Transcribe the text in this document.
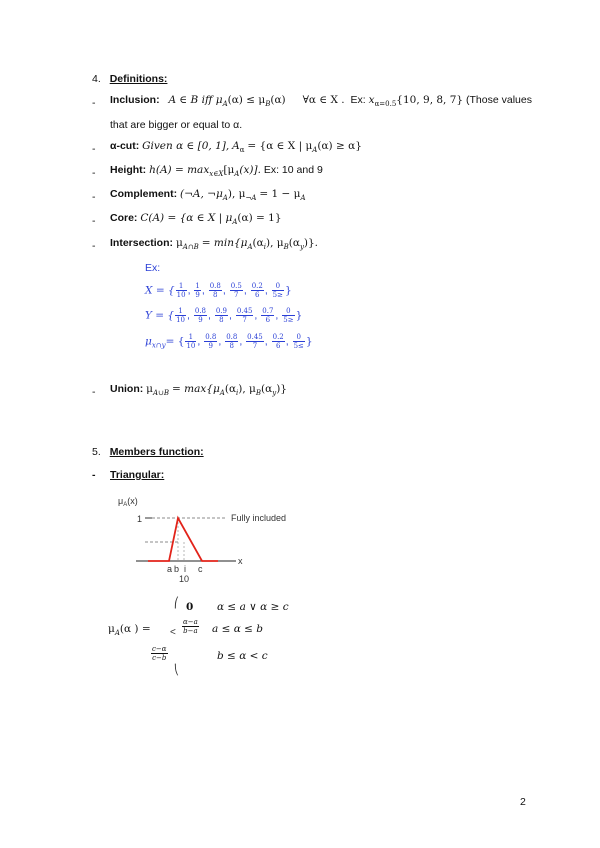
4. Definitions:
- Inclusion: A ∈ B iff $\mu_A(\alpha) \le \mu_B(\alpha)$ ∀α ∈ X . Ex: $x_{\alpha=0.5}\{10$, 9, 8, 7} (Those values
that are bigger or equal to α.
- α-cut: Given α ∈ [0, 1], $A_\alpha = \{\alpha$ ∈ X | $\mu_A(\alpha) \ge \alpha$}
- Height: $h(A) = \max_{x\in X}[\mu_A(x)]$. Ex: 10 and 9
- Complement: (¬A, $\neg\mu_A$), $\mu_{\neg A} = 1 - \mu_A$
- Core: C(A) = {α ∈ X | $\mu_A(\alpha) = 1$}
- Intersection: $\mu_{A\cap B} = \min\{\mu_A(\alpha_i)$, $\mu_B(\alpha_y)$}.
Ex:
X = { $\frac{1}{10}$ , $\frac{1}{9}$ , $\frac{0.8}{8}$ , $\frac{0.5}{7}$ , $\frac{0.2}{6}$ , $\frac{0}{5\ge}$ }
Y = { $\frac{1}{10}$ , $\frac{0.8}{9}$ , $\frac{0.9}{8}$ , $\frac{0.45}{7}$ , $\frac{0.7}{6}$ , $\frac{0}{5\ge}$ }
$\mu_{x\cap y}=$ { $\frac{1}{10}$ , $\frac{0.8}{9}$ , $\frac{0.8}{8}$ , $\frac{0.45}{7}$ , $\frac{0.2}{6}$ , $\frac{0}{5\le}$ }
- Union: $\mu_{A\cup B} = \max\{\mu_A(\alpha_i)$, $\mu_B(\alpha_y)$}
5. Members function:
- Triangular:
$\mu_A(x)$
1	Fully included
x
a b i c
10
$\mu_A(\alpha$ ) =
⎛
<
⎝
0 α ≤ a ∨ α ≥ c
$\frac{\alpha-a}{b-a}$ a ≤ α ≤ b
$\frac{c-\alpha}{c-b}$	b ≤ α < c
2
